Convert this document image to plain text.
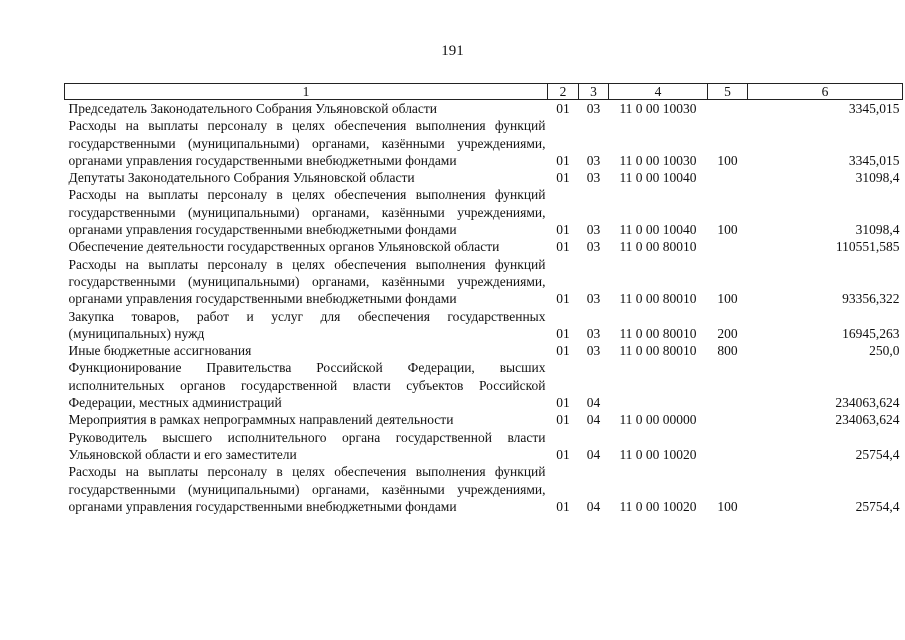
191
1	2	3	4	5	6
Председатель Законодательного Собрания Ульяновской области	01	03	11 0 00 10030		3345,015
Расходы на выплаты персоналу в целях обеспечения выполнения функций государственными (муниципальными) органами, казёнными учреждениями, органами управления государственными внебюджетными фондами	01	03	11 0 00 10030	100	3345,015
Депутаты Законодательного Собрания Ульяновской области	01	03	11 0 00 10040		31098,4
Расходы на выплаты персоналу в целях обеспечения выполнения функций государственными (муниципальными) органами, казёнными учреждениями, органами управления государственными внебюджетными фондами	01	03	11 0 00 10040	100	31098,4
Обеспечение деятельности государственных органов Ульяновской области	01	03	11 0 00 80010		110551,585
Расходы на выплаты персоналу в целях обеспечения выполнения функций государственными (муниципальными) органами, казёнными учреждениями, органами управления государственными внебюджетными фондами	01	03	11 0 00 80010	100	93356,322
Закупка товаров, работ и услуг для обеспечения государственных (муниципальных) нужд	01	03	11 0 00 80010	200	16945,263
Иные бюджетные ассигнования	01	03	11 0 00 80010	800	250,0
Функционирование Правительства Российской Федерации, высших исполнительных органов государственной власти субъектов Российской Федерации, местных администраций	01	04			234063,624
Мероприятия в рамках непрограммных направлений деятельности	01	04	11 0 00 00000		234063,624
Руководитель высшего исполнительного органа государственной власти Ульяновской области и его заместители	01	04	11 0 00 10020		25754,4
Расходы на выплаты персоналу в целях обеспечения выполнения функций государственными (муниципальными) органами, казёнными учреждениями, органами управления государственными внебюджетными фондами	01	04	11 0 00 10020	100	25754,4
